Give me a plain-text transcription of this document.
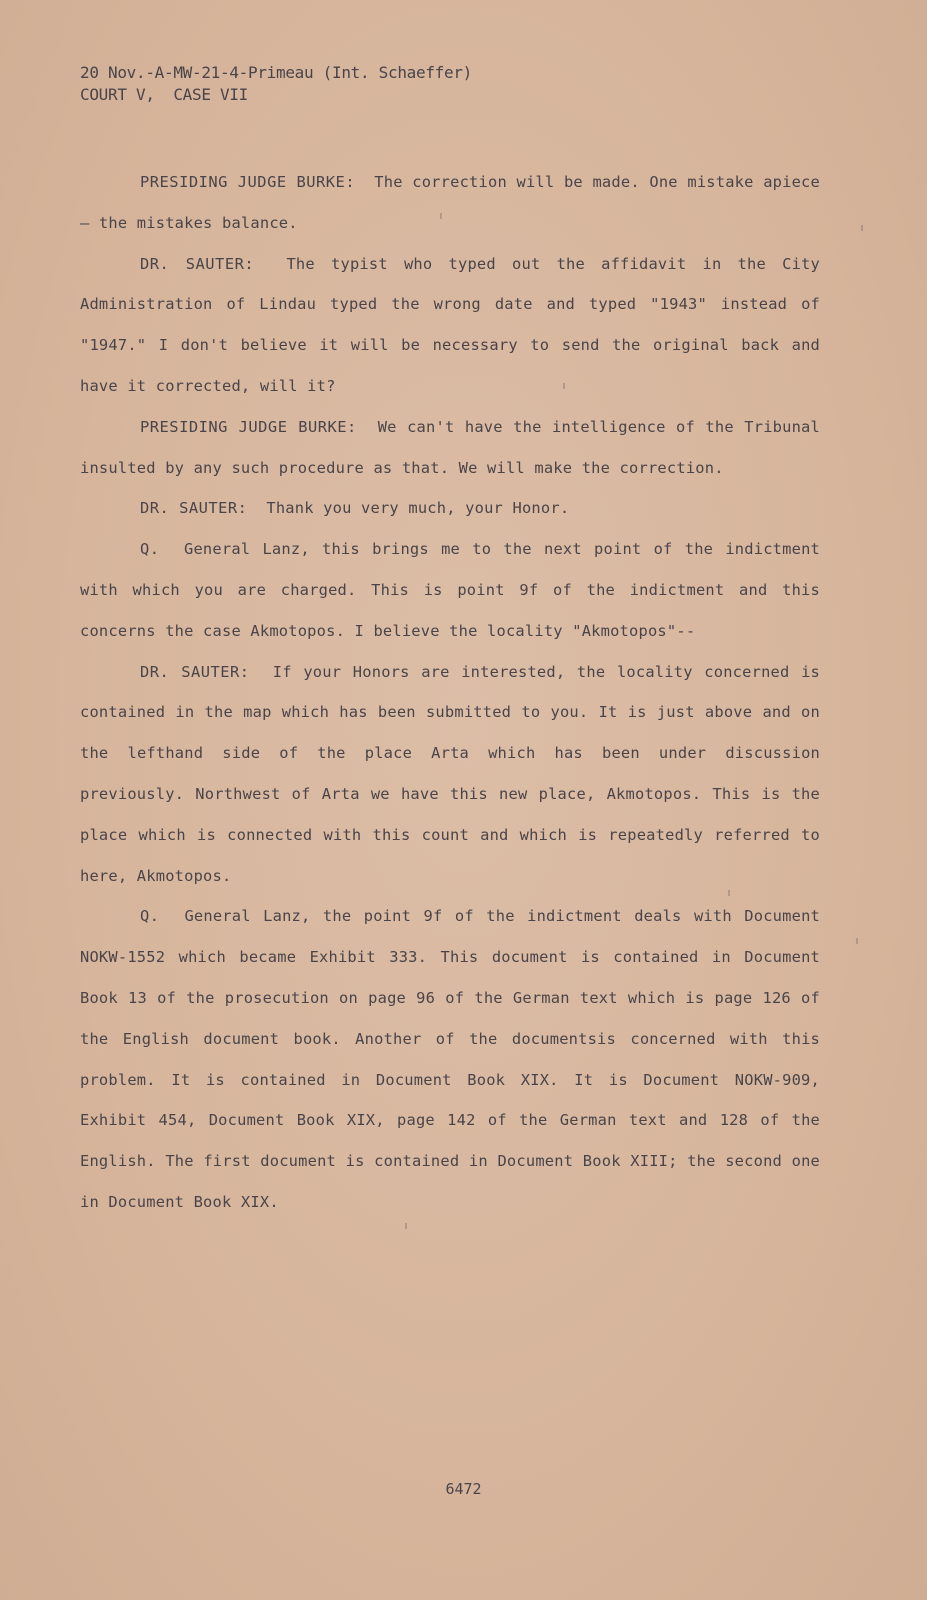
20 Nov.-A-MW-21-4-Primeau (Int. Schaeffer)
COURT V,  CASE VII

PRESIDING JUDGE BURKE: The correction will be made. One mistake apiece — the mistakes balance.

DR. SAUTER: The typist who typed out the affidavit in the City Administration of Lindau typed the wrong date and typed "1943" instead of "1947." I don't believe it will be necessary to send the original back and have it corrected, will it?

PRESIDING JUDGE BURKE: We can't have the intelligence of the Tribunal insulted by any such procedure as that. We will make the correction.

DR. SAUTER: Thank you very much, your Honor.

Q. General Lanz, this brings me to the next point of the indictment with which you are charged. This is point 9f of the indictment and this concerns the case Akmotopos. I believe the locality "Akmotopos"--

DR. SAUTER: If your Honors are interested, the locality concerned is contained in the map which has been submitted to you. It is just above and on the lefthand side of the place Arta which has been under discussion previously. Northwest of Arta we have this new place, Akmotopos. This is the place which is connected with this count and which is repeatedly referred to here, Akmotopos.

Q. General Lanz, the point 9f of the indictment deals with Document NOKW-1552 which became Exhibit 333. This document is contained in Document Book 13 of the prosecution on page 96 of the German text which is page 126 of the English document book. Another of the documentsis concerned with this problem. It is contained in Document Book XIX. It is Document NOKW-909, Exhibit 454, Document Book XIX, page 142 of the German text and 128 of the English. The first document is contained in Document Book XIII; the second one in Document Book XIX.

6472
